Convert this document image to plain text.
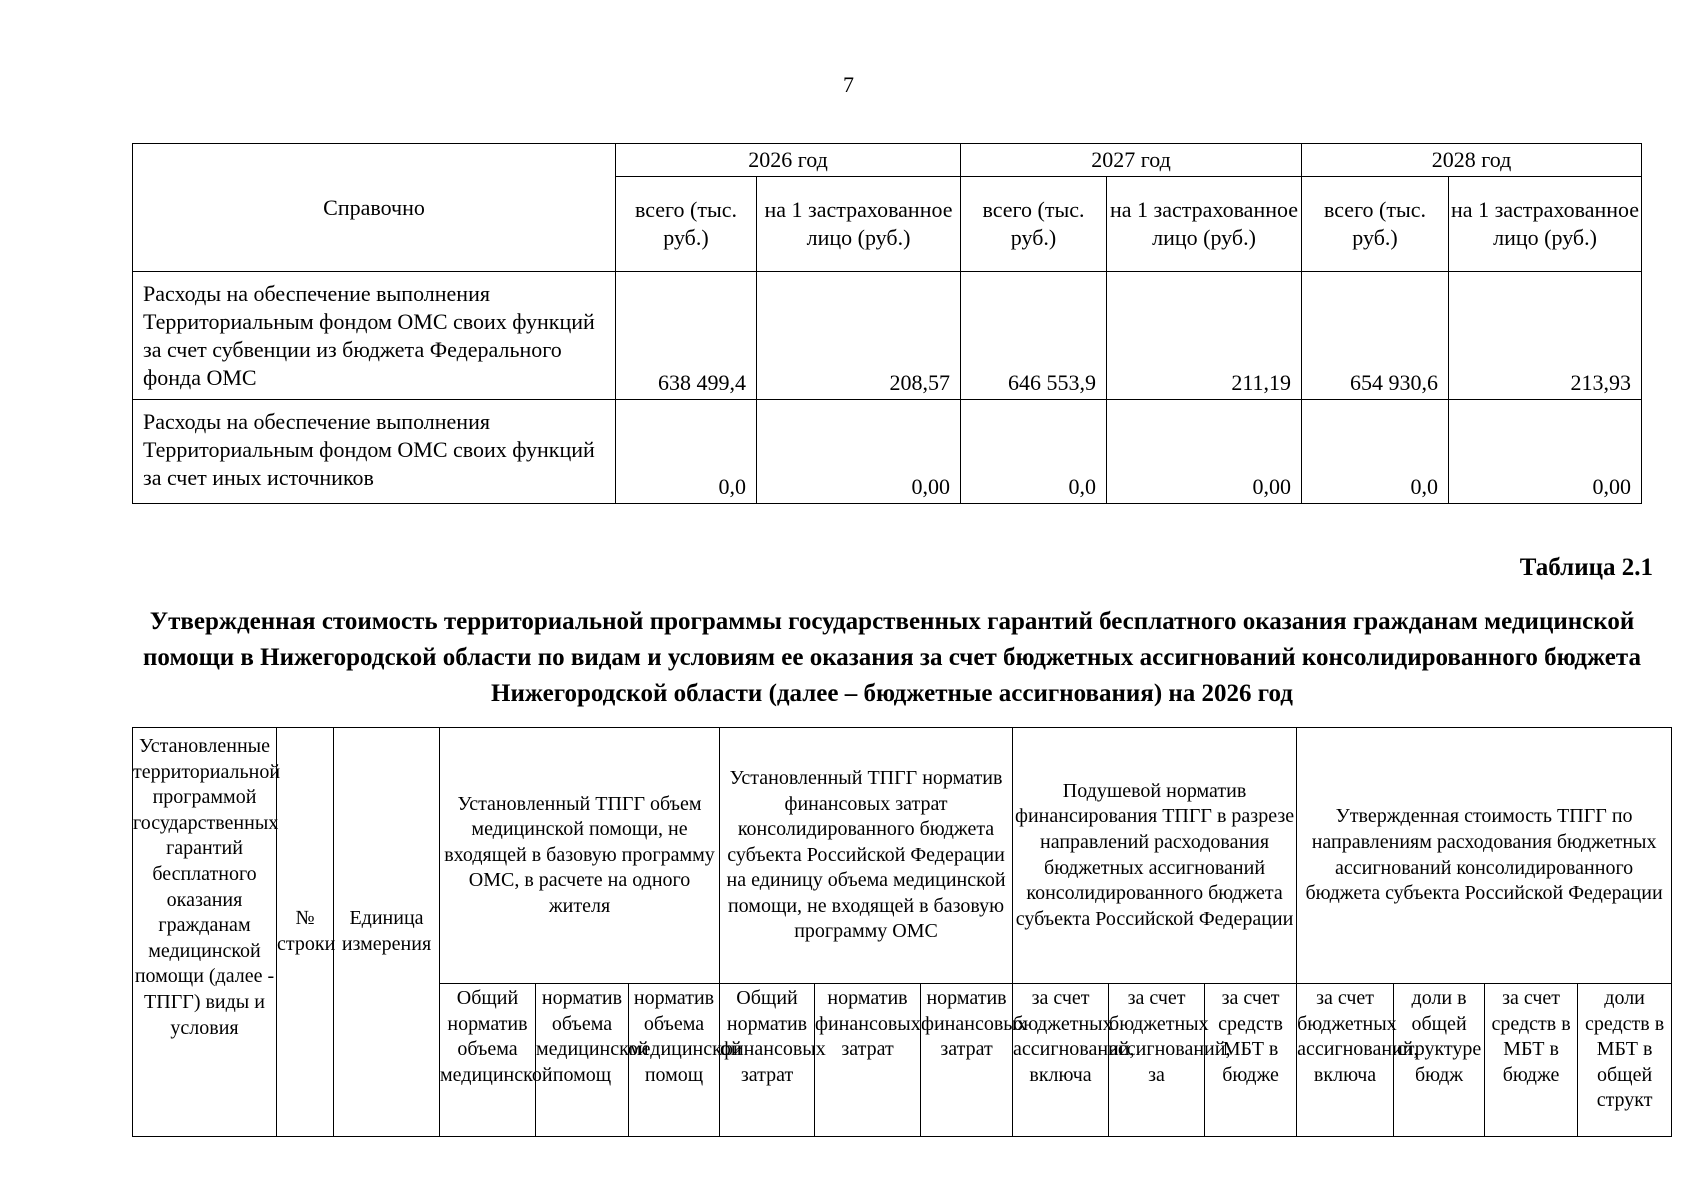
7
Справочно	2026 год		2027 год		2028 год	
	всего (тыс. руб.)	на 1 застрахованное лицо (руб.)	всего (тыс. руб.)	на 1 застрахованное лицо (руб.)	всего (тыс. руб.)	на 1 застрахованное лицо (руб.)
Расходы на обеспечение выполнения Территориальным фондом ОМС своих функций за счет субвенции из бюджета Федерального фонда ОМС	638 499,4	208,57	646 553,9	211,19	654 930,6	213,93
Расходы на обеспечение выполнения Территориальным фондом ОМС своих функций за счет иных источников	0,0	0,00	0,0	0,00	0,0	0,00
Таблица 2.1
Утвержденная стоимость территориальной программы государственных гарантий бесплатного оказания гражданам медицинской помощи в Нижегородской области по видам и условиям ее оказания за счет бюджетных ассигнований консолидированного бюджета Нижегородской области (далее – бюджетные ассигнования) на 2026 год
Установленные территориальной программой государственных гарантий бесплатного оказания гражданам медицинской помощи (далее - ТПГГ) виды и условия	№ строки	Единица измерения	Установленный ТПГГ объем медицинской помощи, не входящей в базовую программу ОМС, в расчете на одного жителя			Установленный ТПГГ норматив финансовых затрат консолидированного бюджета субъекта Российской Федерации на единицу объема медицинской помощи, не входящей в базовую программу ОМС			Подушевой норматив финансирования ТПГГ в разрезе направлений расходования бюджетных ассигнований консолидированного бюджета субъекта Российской Федерации			Утвержденная стоимость ТПГГ по направлениям расходования бюджетных ассигнований консолидированного бюджета субъекта Российской Федерации			

			Общий норматив объема медицинской	норматив объема медицинской помощ	норматив объема медицинской помощ	Общий норматив финансовых затрат	норматив финансовых затрат	норматив финансовых затрат	за счет бюджетных ассигнований, включа	за счет бюджетных ассигнований, за	за счет средств МБТ в бюдже	за счет бюджетных ассигнований, включа	доли в общей структуре бюдж	за счет средств в МБТ в бюдже	доли средств в МБТ в общей структ
